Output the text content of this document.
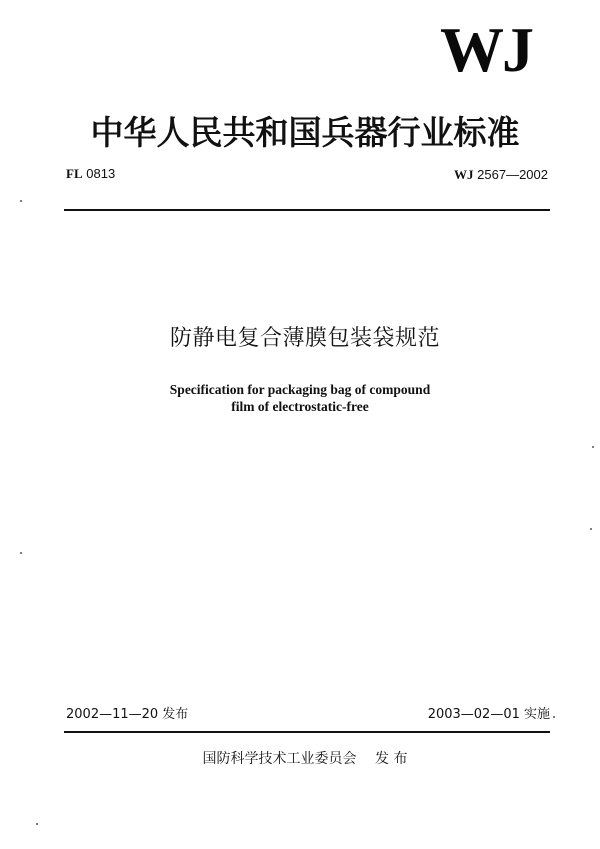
WJ
中华人民共和国兵器行业标准
FL 0813	WJ 2567—2002
防静电复合薄膜包装袋规范
Specification for packaging bag of compound
film of electrostatic-free
2002—11—20 发布	2003—02—01 实施
国防科学技术工业委员会 发 布
